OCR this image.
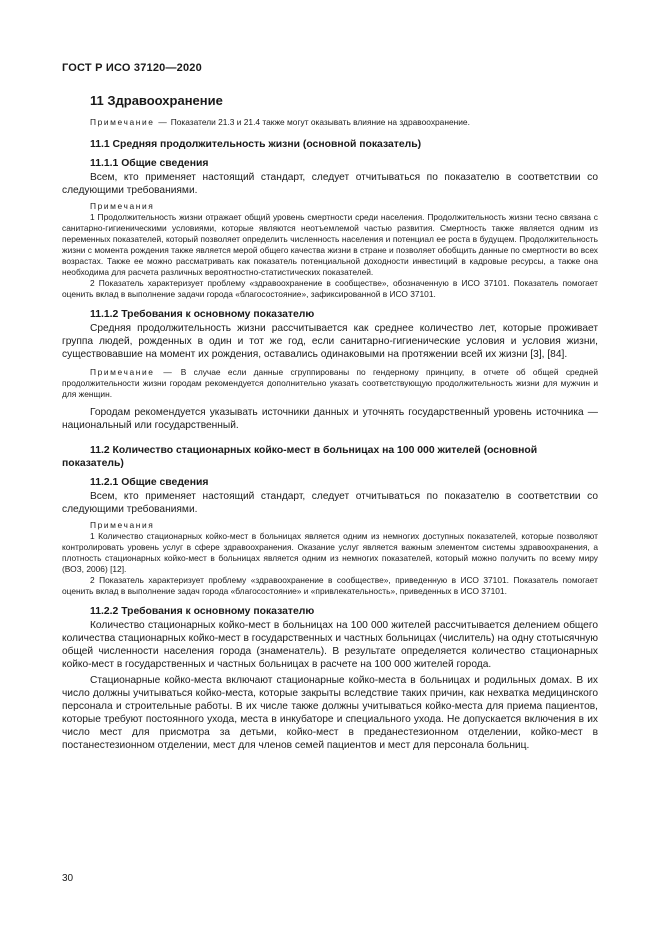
ГОСТ Р ИСО 37120—2020
11 Здравоохранение

Примечание — Показатели 21.3 и 21.4 также могут оказывать влияние на здравоохранение.

11.1 Средняя продолжительность жизни (основной показатель)
11.1.1 Общие сведения

Всем, кто применяет настоящий стандарт, следует отчитываться по показателю в соответствии со следующими требованиями.

Примечания

1 Продолжительность жизни отражает общий уровень смертности среди населения. Продолжительность жизни тесно связана с санитарно-гигиеническими условиями, которые являются неотъемлемой частью развития. Смертность также является одним из переменных показателей, который позволяет определить численность населения и потенциал ее роста в будущем. Продолжительность жизни с момента рождения также является мерой общего качества жизни в стране и позволяет обобщить данные по смертности во всех возрастах. Также ее можно рассматривать как показатель потенциальной доходности инвестиций в кадровые ресурсы, а также она необходима для расчета различных вероятностно-статистических показателей.

2 Показатель характеризует проблему «здравоохранение в сообществе», обозначенную в ИСО 37101. Показатель помогает оценить вклад в выполнение задачи города «благосостояние», зафиксированной в ИСО 37101.

11.1.2 Требования к основному показателю

Средняя продолжительность жизни рассчитывается как среднее количество лет, которые проживает группа людей, рожденных в один и тот же год, если санитарно-гигиенические условия и условия жизни, существовавшие на момент их рождения, оставались одинаковыми на протяжении всей их жизни [3], [84].

Примечание — В случае если данные сгруппированы по гендерному принципу, в отчете об общей средней продолжительности жизни городам рекомендуется дополнительно указать соответствующую продолжительность жизни для мужчин и для женщин.

Городам рекомендуется указывать источники данных и уточнять государственный уровень источника — национальный или государственный.

11.2 Количество стационарных койко-мест в больницах на 100 000 жителей (основной показатель)
11.2.1 Общие сведения

Всем, кто применяет настоящий стандарт, следует отчитываться по показателю в соответствии со следующими требованиями.

Примечания

1 Количество стационарных койко-мест в больницах является одним из немногих доступных показателей, которые позволяют контролировать уровень услуг в сфере здравоохранения. Оказание услуг является важным элементом системы здравоохранения, а плотность стационарных койко-мест в больницах является одним из немногих показателей, который можно получить по всему миру (ВОЗ, 2006) [12].

2 Показатель характеризует проблему «здравоохранение в сообществе», приведенную в ИСО 37101. Показатель помогает оценить вклад в выполнение задач города «благосостояние» и «привлекательность», приведенных в ИСО 37101.

11.2.2 Требования к основному показателю

Количество стационарных койко-мест в больницах на 100 000 жителей рассчитывается делением общего количества стационарных койко-мест в государственных и частных больницах (числитель) на одну стотысячную общей численности населения города (знаменатель). В результате определяется количество стационарных койко-мест в государственных и частных больницах в расчете на 100 000 жителей города.

Стационарные койко-места включают стационарные койко-места в больницах и родильных домах. В их число должны учитываться койко-места, которые закрыты вследствие таких причин, как нехватка медицинского персонала и строительные работы. В их числе также должны учитываться койко-места для приема пациентов, которые требуют постоянного ухода, места в инкубаторе и специального ухода. Не допускается включения в их число мест для присмотра за детьми, койко-мест в преданестезионном отделении, койко-мест в постанестезионном отделении, мест для членов семей пациентов и мест для персонала больниц.

30
